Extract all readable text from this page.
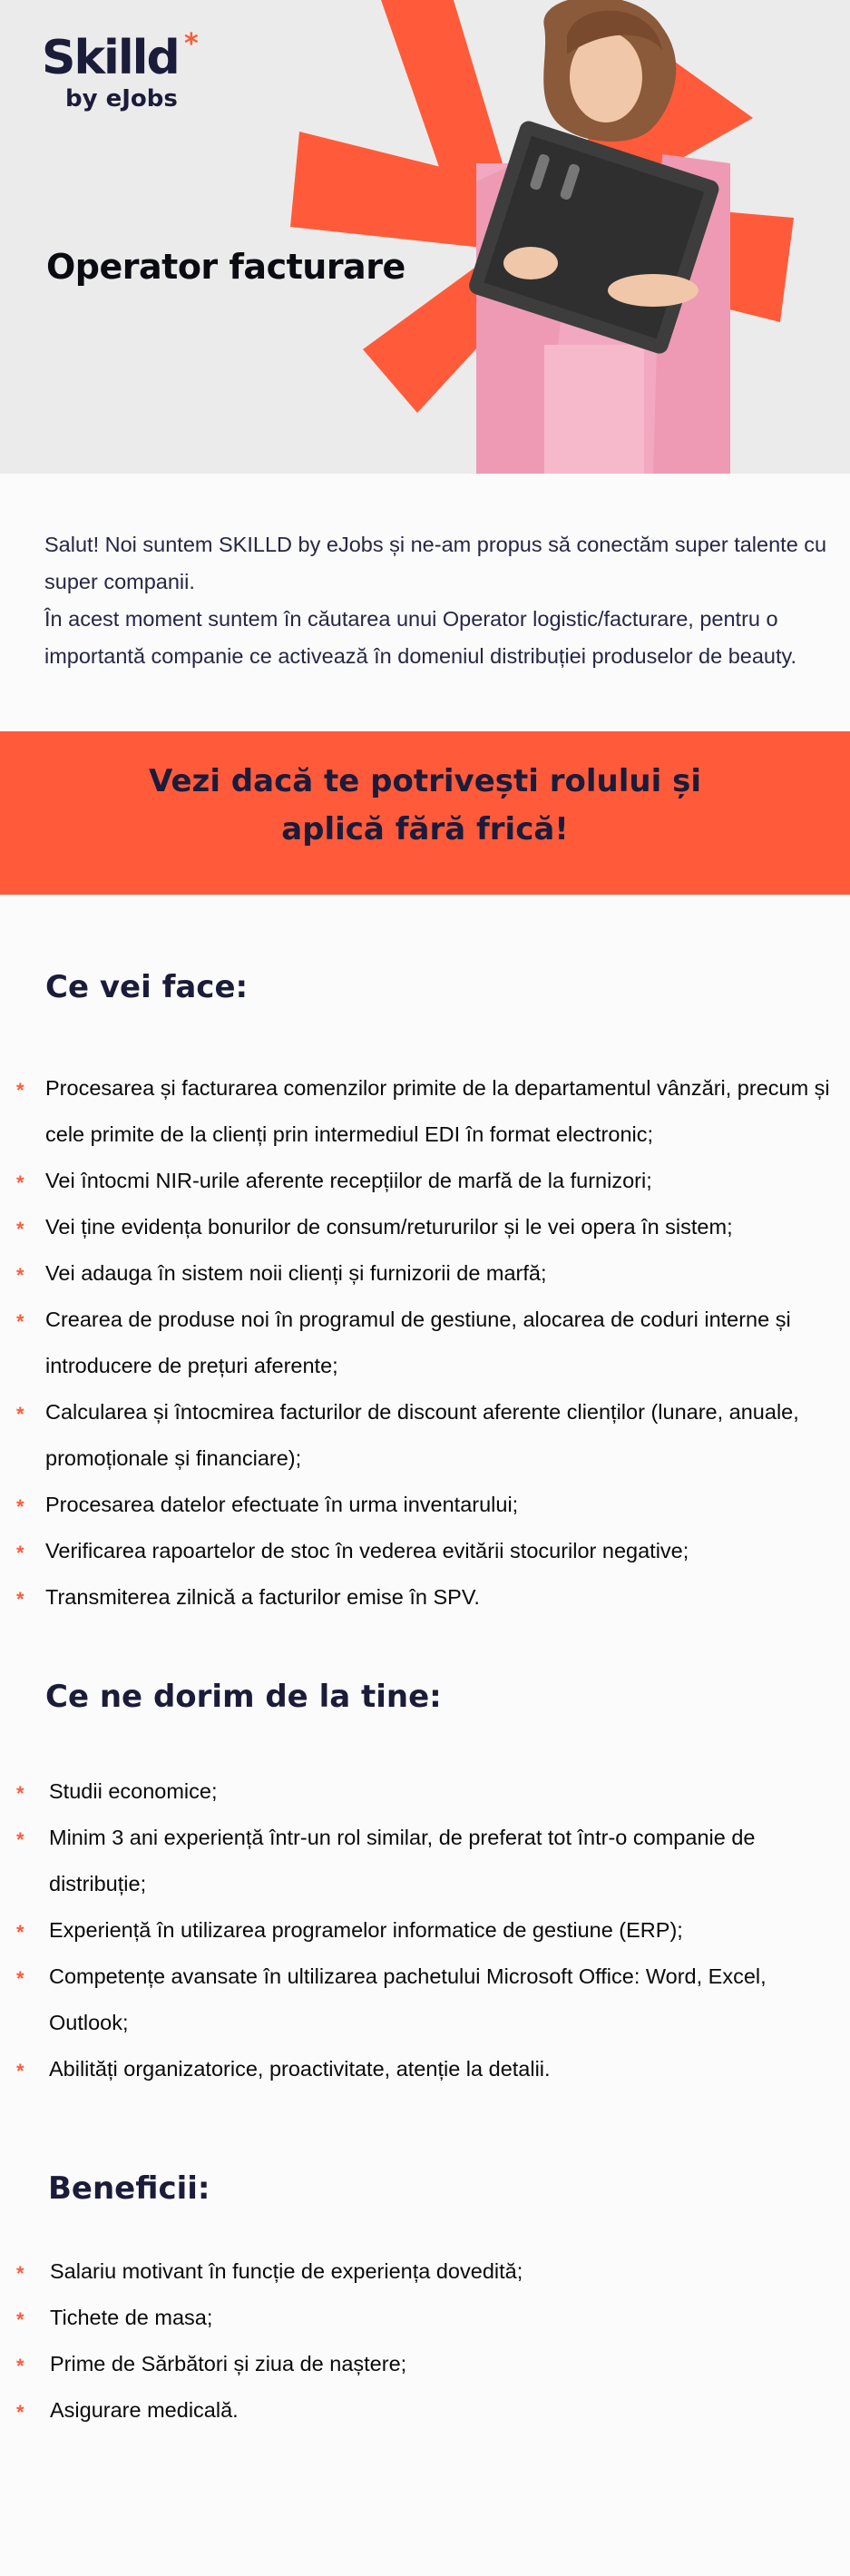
Skilld *
by eJobs
Operator facturare

Salut! Noi suntem SKILLD by eJobs și ne-am propus să conectăm super talente cu super companii.

În acest moment suntem în căutarea unui Operator logistic/facturare, pentru o importantă companie ce activează în domeniul distribuției produselor de beauty.

Vezi dacă te potrivești rolului și
aplică fără frică!
Ce vei face:
* Procesarea și facturarea comenzilor primite de la departamentul vânzări, precum și cele primite de la clienți prin intermediul EDI în format electronic;
* Vei întocmi NIR-urile aferente recepțiilor de marfă de la furnizori;
* Vei ține evidența bonurilor de consum/retururilor și le vei opera în sistem;
* Vei adauga în sistem noii clienți și furnizorii de marfă;
* Crearea de produse noi în programul de gestiune, alocarea de coduri interne și introducere de prețuri aferente;
* Calcularea și întocmirea facturilor de discount aferente clienților (lunare, anuale, promoționale și financiare);
* Procesarea datelor efectuate în urma inventarului;
* Verificarea rapoartelor de stoc în vederea evitării stocurilor negative;
* Transmiterea zilnică a facturilor emise în SPV.
Ce ne dorim de la tine:
* Studii economice;
* Minim 3 ani experiență într-un rol similar, de preferat tot într-o companie de distribuție;
* Experiență în utilizarea programelor informatice de gestiune (ERP);
* Competențe avansate în ultilizarea pachetului Microsoft Office: Word, Excel, Outlook;
* Abilități organizatorice, proactivitate, atenție la detalii.
Beneficii:
* Salariu motivant în funcție de experiența dovedită;
* Tichete de masa;
* Prime de Sărbători și ziua de naștere;
* Asigurare medicală.
